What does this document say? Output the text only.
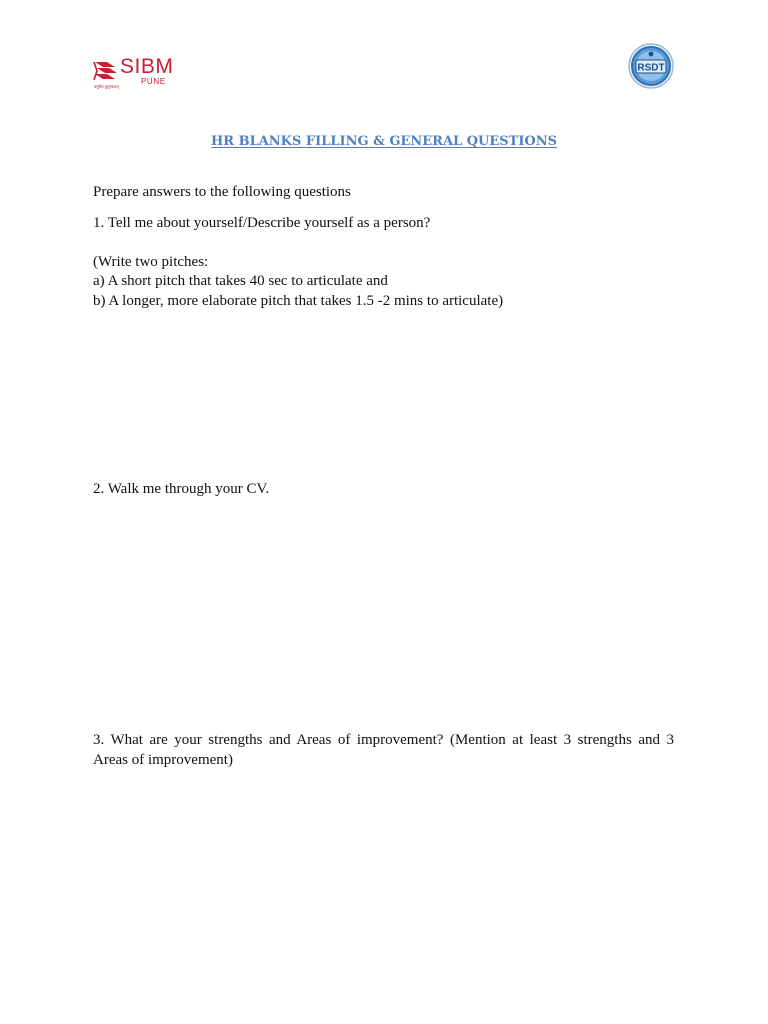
SIBM
PUNE
वसुधैव कुटुम्बकम्
RSDT
HR BLANKS FILLING & GENERAL QUESTIONS
Prepare answers to the following questions
1. Tell me about yourself/Describe yourself as a person?
(Write two pitches:
a) A short pitch that takes 40 sec to articulate and
b) A longer, more elaborate pitch that takes 1.5 -2 mins to articulate)
2. Walk me through your CV.
3. What are your strengths and Areas of improvement? (Mention at least 3 strengths and 3
Areas of improvement)
